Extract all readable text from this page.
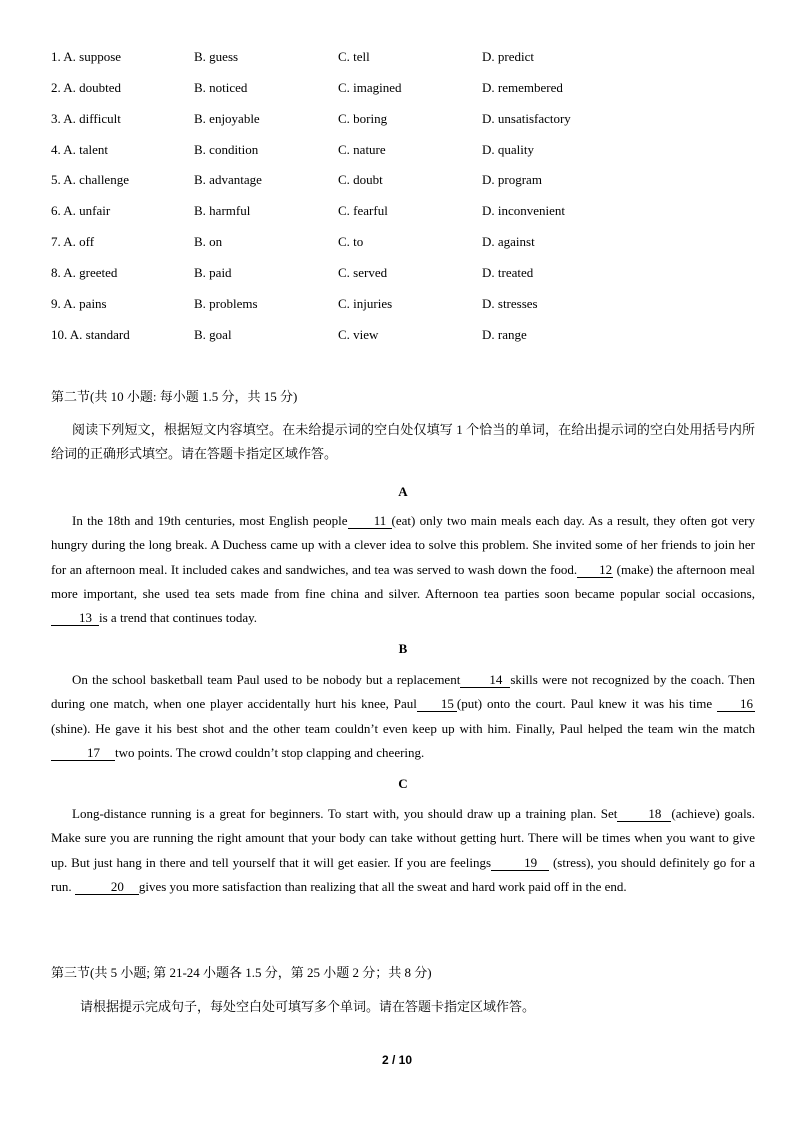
1. A. suppose	B. guess	C. tell	D. predict
2. A. doubted	B. noticed	C. imagined	D. remembered
3. A. difficult	B. enjoyable	C. boring	D. unsatisfactory
4. A. talent	B. condition	C. nature	D. quality
5. A. challenge	B. advantage	C. doubt	D. program
6. A. unfair	B. harmful	C. fearful	D. inconvenient
7. A. off	B. on	C. to	D. against
8. A. greeted	B. paid	C. served	D. treated
9. A. pains	B. problems	C. injuries	D. stresses
10. A. standard	B. goal	C. view	D. range
第二节(共 10 小题: 每小题 1.5 分，共 15 分)
阅读下列短文，根据短文内容填空。在未给提示词的空白处仅填写 1 个恰当的单词，在给出提示词的空白处用括号内所给词的正确形式填空。请在答题卡指定区域作答。
A
In the 18th and 19th centuries, most English people 11 (eat) only two main meals each day. As a result, they often got very hungry during the long break. A Duchess came up with a clever idea to solve this problem. She invited some of her friends to join her for an afternoon meal. It included cakes and sandwiches, and tea was served to wash down the food. 12 (make) the afternoon meal more important, she used tea sets made from fine china and silver. Afternoon tea parties soon became popular social occasions,13 is a trend that continues today.
B
On the school basketball team Paul used to be nobody but a replacement 14 skills were not recognized by the coach. Then during one match, when one player accidentally hurt his knee, Paul 15 (put) onto the court. Paul knew it was his time 16(shine). He gave it his best shot and the other team couldn’t even keep up with him. Finally, Paul helped the team win the match17 two points. The crowd couldn’t stop clapping and cheering.
C
Long-distance running is a great for beginners. To start with, you should draw up a training plan. Set 18 (achieve) goals. Make sure you are running the right amount that your body can take without getting hurt. There will be times when you want to give up. But just hang in there and tell yourself that it will get easier. If you are feelings	19 (stress), you should definitely go for a run.	20 gives you more satisfaction than realizing that all the sweat and hard work paid off in the end.
第三节(共 5 小题; 第 21-24 小题各 1.5 分，第 25 小题 2 分；共 8 分)
请根据提示完成句子，每处空白处可填写多个单词。请在答题卡指定区域作答。
2 / 10
